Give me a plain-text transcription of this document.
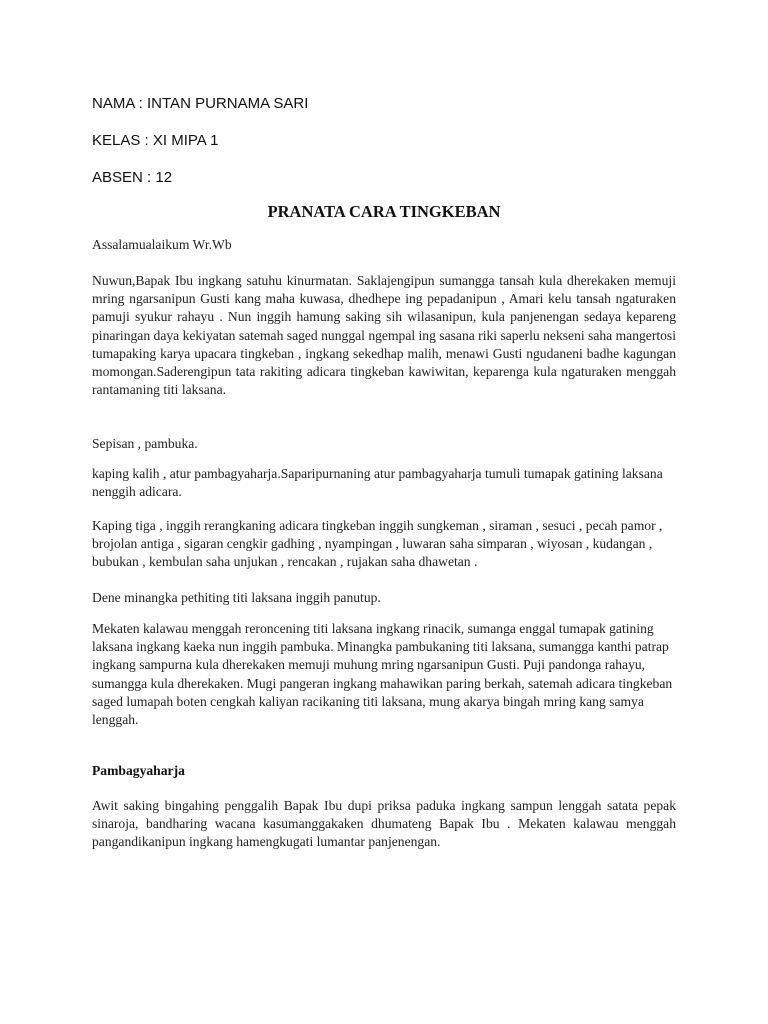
NAMA : INTAN PURNAMA SARI
KELAS : XI MIPA 1
ABSEN : 12
PRANATA CARA TINGKEBAN

Assalamualaikum Wr.Wb

Nuwun,Bapak Ibu ingkang satuhu kinurmatan. Saklajengipun sumangga tansah kula dherekaken memuji mring ngarsanipun Gusti kang maha kuwasa, dhedhepe ing pepadanipun , Amari kelu tansah ngaturaken pamuji syukur rahayu . Nun inggih hamung saking sih wilasanipun, kula panjenengan sedaya kepareng pinaringan daya kekiyatan satemah saged nunggal ngempal ing sasana riki saperlu nekseni saha mangertosi tumapaking karya upacara tingkeban , ingkang sekedhap malih, menawi Gusti ngudaneni badhe kagungan momongan.Saderengipun tata rakiting adicara tingkeban kawiwitan, keparenga kula ngaturaken menggah rantamaning titi laksana.

Sepisan , pambuka.

kaping kalih , atur pambagyaharja.Saparipurnaning atur pambagyaharja tumuli tumapak gatining laksana nenggih adicara.

Kaping tiga , inggih rerangkaning adicara tingkeban inggih sungkeman , siraman , sesuci , pecah pamor , brojolan antiga , sigaran cengkir gadhing , nyampingan , luwaran saha simparan , wiyosan , kudangan , bubukan , kembulan saha unjukan , rencakan , rujakan saha dhawetan .

Dene minangka pethiting titi laksana inggih panutup.

Mekaten kalawau menggah reroncening titi laksana ingkang rinacik, sumanga enggal tumapak gatining laksana ingkang kaeka nun inggih pambuka. Minangka pambukaning titi laksana, sumangga kanthi patrap ingkang sampurna kula dherekaken memuji muhung mring ngarsanipun Gusti. Puji pandonga rahayu, sumangga kula dherekaken. Mugi pangeran ingkang mahawikan paring berkah, satemah adicara tingkeban saged lumapah boten cengkah kaliyan racikaning titi laksana, mung akarya bingah mring kang samya lenggah.

Pambagyaharja

Awit saking bingahing penggalih Bapak Ibu dupi priksa paduka ingkang sampun lenggah satata pepak sinaroja, bandharing wacana kasumanggakaken dhumateng Bapak Ibu . Mekaten kalawau menggah pangandikanipun ingkang hamengkugati lumantar panjenengan.
